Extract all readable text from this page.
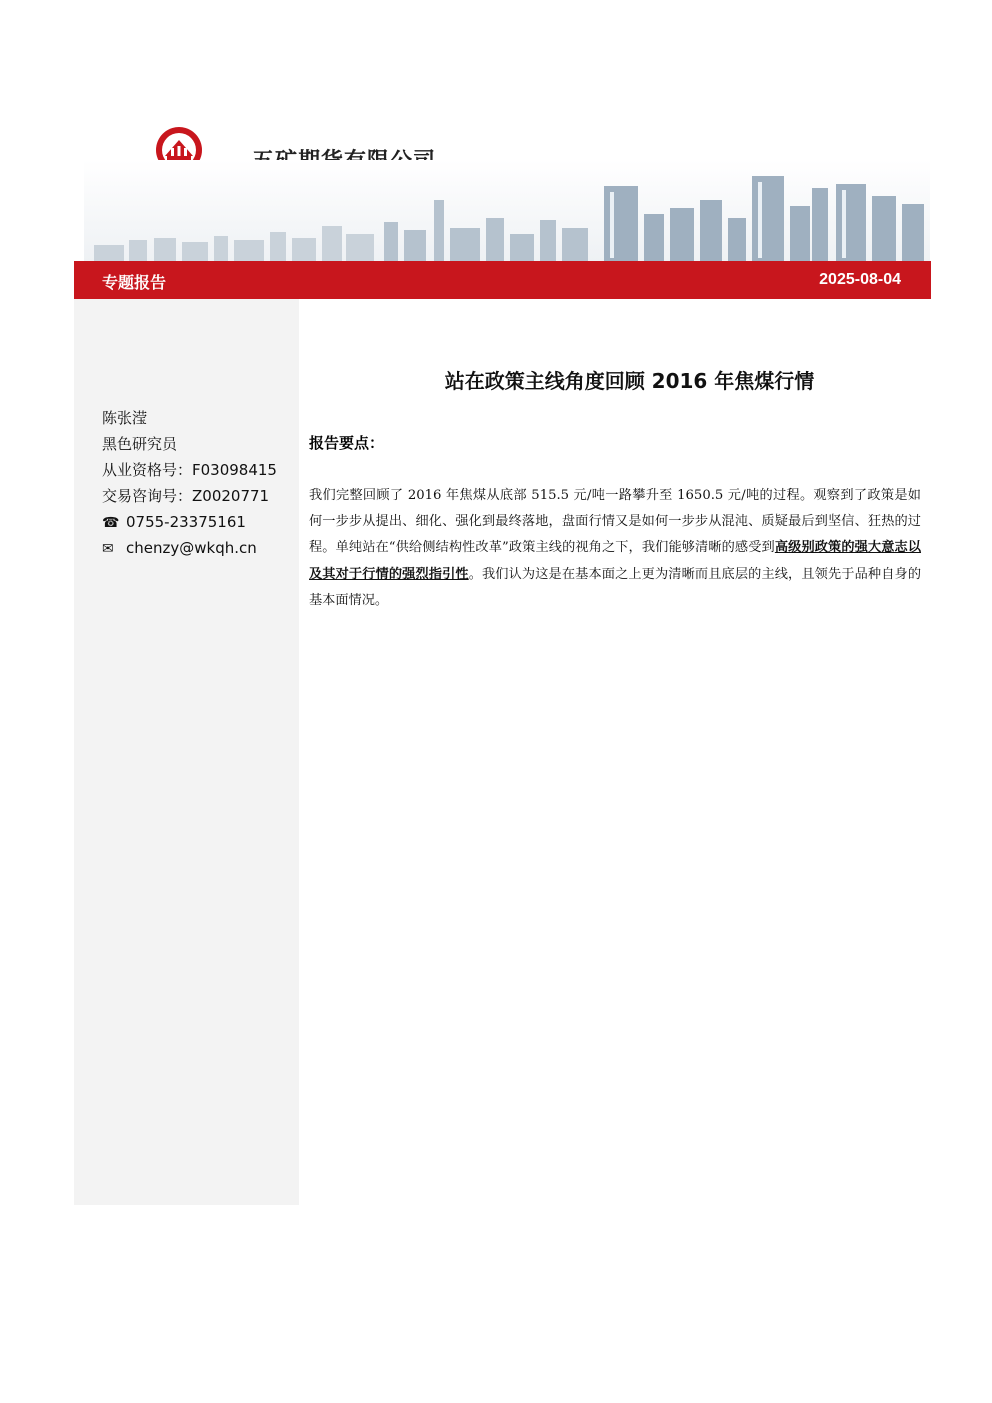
专题报告	2025-08-04
陈张滢
黑色研究员
从业资格号：F03098415
交易咨询号：Z0020771
☎ 0755-23375161
✉ chenzy@wkqh.cn
站在政策主线角度回顾 2016 年焦煤行情
报告要点：
我们完整回顾了 2016 年焦煤从底部 515.5 元/吨一路攀升至 1650.5 元/吨的过程。观察到了政策是如何一步步从提出、细化、强化到最终落地，盘面行情又是如何一步步从混沌、质疑最后到坚信、狂热的过程。单纯站在“供给侧结构性改革”政策主线的视角之下，我们能够清晰的感受到高级别政策的强大意志以及其对于行情的强烈指引性。我们认为这是在基本面之上更为清晰而且底层的主线，且领先于品种自身的基本面情况。
